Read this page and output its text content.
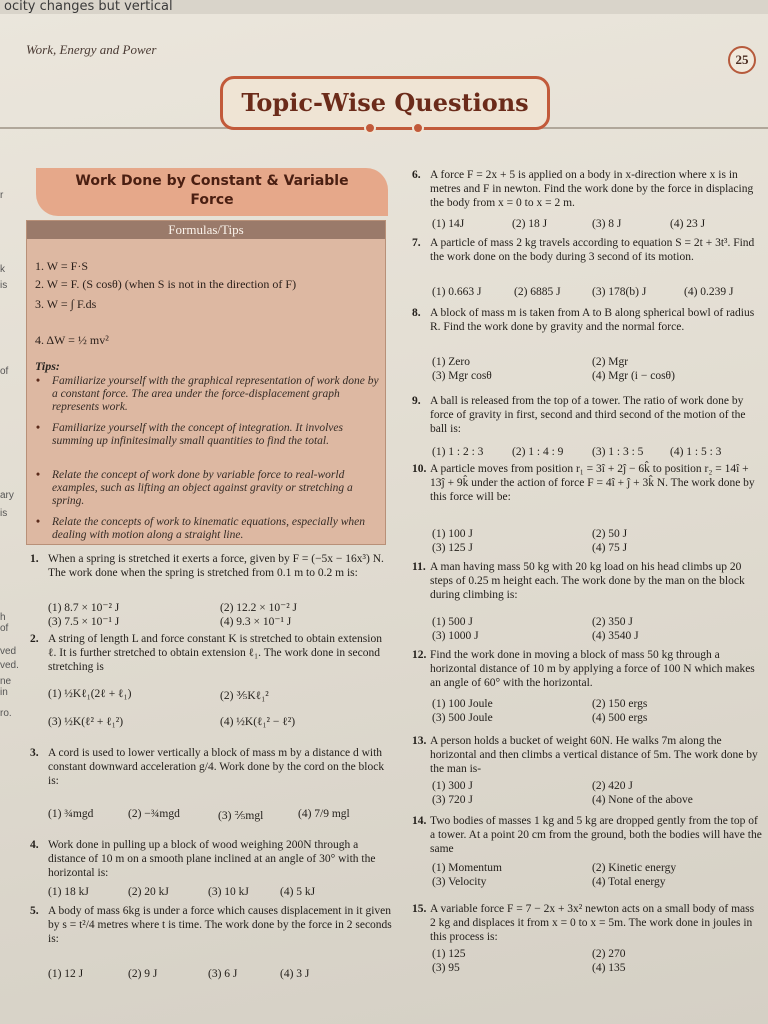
ocity changes but vertical
r
k
is
of
ary
is
h of
ved
ved.
ne in
ro.
Work, Energy and Power
25
Topic-Wise Questions
Work Done by Constant & Variable
Force
Formulas/Tips
1. W = F·S
2. W = F. (S cosθ) (when S is not in the direction of F)
3. W = ∫ F.ds
4. ΔW = ½ mv²
Tips:
• Familiarize yourself with the graphical representation of work done by a constant force. The area under the force-displacement graph represents work.
• Familiarize yourself with the concept of integration. It involves summing up infinitesimally small quantities to find the total.
• Relate the concept of work done by variable force to real-world examples, such as lifting an object against gravity or stretching a spring.
• Relate the concepts of work to kinematic equations, especially when dealing with motion along a straight line.
1. When a spring is stretched it exerts a force, given by F = (−5x − 16x³) N. The work done when the spring is stretched from 0.1 m to 0.2 m is:
(1) 8.7 × 10⁻² J	(2) 12.2 × 10⁻² J
(3) 7.5 × 10⁻¹ J	(4) 9.3 × 10⁻¹ J
2. A string of length L and force constant K is stretched to obtain extension ℓ. It is further stretched to obtain extension ℓ₁. The work done in second stretching is
(1) ½Kℓ₁(2ℓ + ℓ₁)	(2) ⅗Kℓ₁²
(3) ½K(ℓ² + ℓ₁²)	(4) ½K(ℓ₁² − ℓ²)
3. A cord is used to lower vertically a block of mass m by a distance d with constant downward acceleration g/4. Work done by the cord on the block is:
(1) ¾mgd	(2) −¾mgd	(3) ⅖mgl	(4) 7/9 mgl
4. Work done in pulling up a block of wood weighing 200N through a distance of 10 m on a smooth plane inclined at an angle of 30° with the horizontal is:
(1) 18 kJ	(2) 20 kJ	(3) 10 kJ	(4) 5 kJ
5. A body of mass 6kg is under a force which causes displacement in it given by s = t²/4 metres where t is time. The work done by the force in 2 seconds is:
(1) 12 J	(2) 9 J	(3) 6 J	(4) 3 J
6. A force F = 2x + 5 is applied on a body in x-direction where x is in metres and F in newton. Find the work done by the force in displacing the body from x = 0 to x = 2 m.
(1) 14J	(2) 18 J	(3) 8 J	(4) 23 J
7. A particle of mass 2 kg travels according to equation S = 2t + 3t³. Find the work done on the body during 3 second of its motion.
(1) 0.663 J	(2) 6885 J	(3) 178(b) J	(4) 0.239 J
8. A block of mass m is taken from A to B along spherical bowl of radius R. Find the work done by gravity and the normal force.
(1) Zero	(2) Mgr
(3) Mgr cosθ	(4) Mgr (i − cosθ)
9. A ball is released from the top of a tower. The ratio of work done by force of gravity in first, second and third second of the motion of the ball is:
(1) 1 : 2 : 3 (2) 1 : 4 : 9 (3) 1 : 3 : 5 (4) 1 : 5 : 3
10. A particle moves from position r₁ = 3î + 2ĵ − 6k̂ to position r₂ = 14î + 13ĵ + 9k̂ under the action of force F = 4î + ĵ + 3k̂ N. The work done by this force will be:
(1) 100 J	(2) 50 J
(3) 125 J	(4) 75 J
11. A man having mass 50 kg with 20 kg load on his head climbs up 20 steps of 0.25 m height each. The work done by the man on the block during climbing is:
(1) 500 J	(2) 350 J
(3) 1000 J	(4) 3540 J
12. Find the work done in moving a block of mass 50 kg through a horizontal distance of 10 m by applying a force of 100 N which makes an angle of 60° with the horizontal.
(1) 100 Joule	(2) 150 ergs
(3) 500 Joule	(4) 500 ergs
13. A person holds a bucket of weight 60N. He walks 7m along the horizontal and then climbs a vertical distance of 5m. The work done by the man is-
(1) 300 J	(2) 420 J
(3) 720 J	(4) None of the above
14. Two bodies of masses 1 kg and 5 kg are dropped gently from the top of a tower. At a point 20 cm from the ground, both the bodies will have the same
(1) Momentum	(2) Kinetic energy
(3) Velocity	(4) Total energy
15. A variable force F = 7 − 2x + 3x² newton acts on a small body of mass 2 kg and displaces it from x = 0 to x = 5m. The work done in joules in this process is:
(1) 125	(2) 270
(3) 95	(4) 135
